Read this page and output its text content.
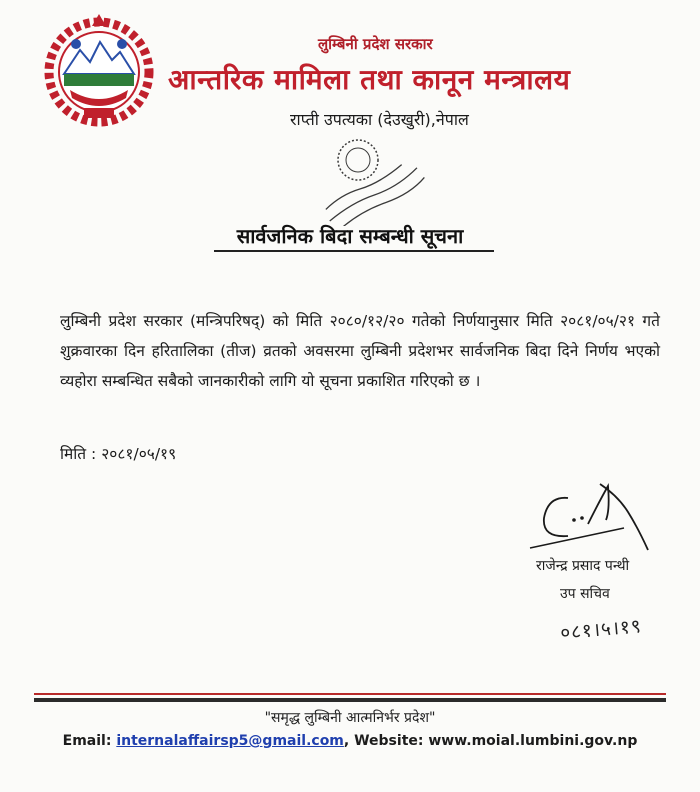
लुम्बिनी प्रदेश सरकार
आन्तरिक मामिला तथा कानून मन्त्रालय
राप्ती उपत्यका (देउखुरी),नेपाल
सार्वजनिक बिदा सम्बन्धी सूचना
लुम्बिनी प्रदेश सरकार (मन्त्रिपरिषद्) को मिति २०८०/१२/२० गतेको निर्णयानुसार मिति २०८१/०५/२१ गते शुक्रवारका दिन हरितालिका (तीज) व्रतको अवसरमा लुम्बिनी प्रदेशभर सार्वजनिक बिदा दिने निर्णय भएको व्यहोरा सम्बन्धित सबैको जानकारीको लागि यो सूचना प्रकाशित गरिएको छ ।
मिति : २०८१/०५/१९
राजेन्द्र प्रसाद पन्थी
उप सचिव
०८१।५।१९
"समृद्ध लुम्बिनी आत्मनिर्भर प्रदेश"
Email: internalaffairsp5@gmail.com, Website: www.moial.lumbini.gov.np
